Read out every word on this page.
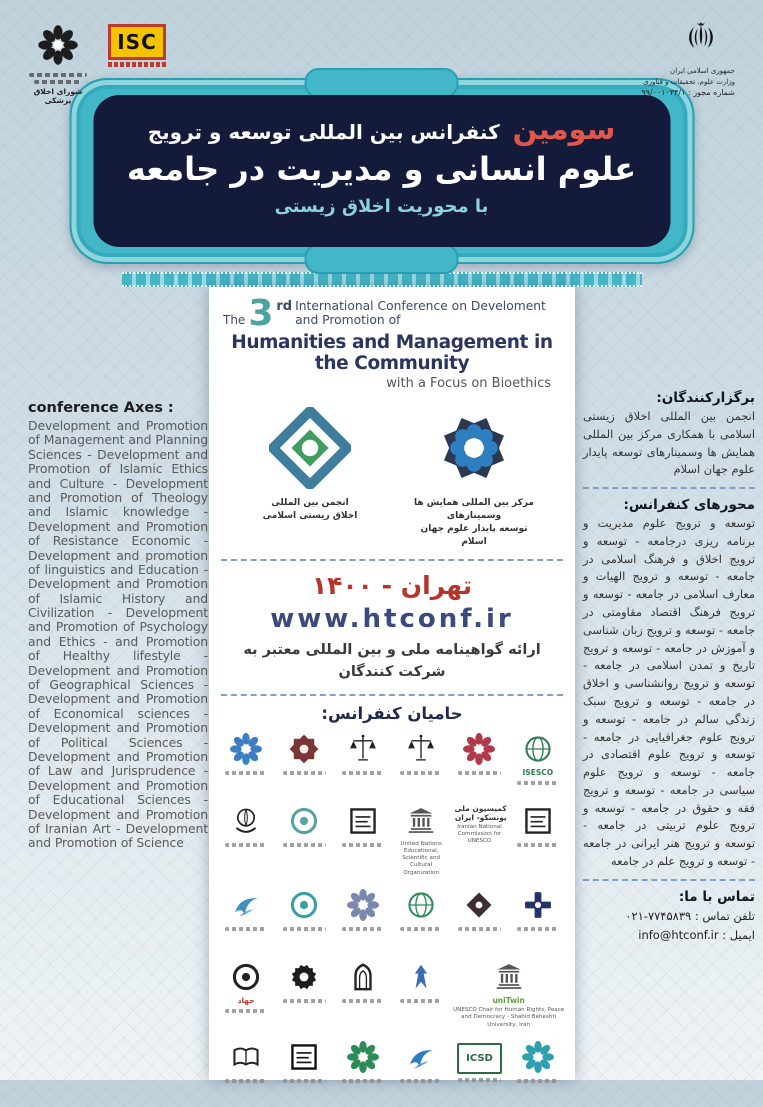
شورای اخلاق پزشکی
ISC
جمهوری اسلامی ایران
وزارت علوم، تحقیقات و فناوری
شماره مجوز : ۹۹/۰۰۱۰۳۴/۱
سومین کنفرانس بین المللی توسعه و ترویج
علوم انسانی و مدیریت در جامعه
با محوریت اخلاق زیستی
conference Axes :
Development and Promotion of Management and Planning Sciences - Development and Promotion of Islamic Ethics and Culture - Development and Promotion of Theology and Islamic knowledge - Development and Promotion of Resistance Economic - Development and promotion of linguistics and Education - Development and Promotion of Islamic History and Civilization - Development and Promotion of Psychology and Ethics - and Promotion of Healthy lifestyle - Development and Promotion of Geographical Sciences - Development and Promotion of Economical sciences - Development and Promotion of Political Sciences - Development and Promotion of Law and Jurisprudence - Development and Promotion of Educational Sciences - Development and Promotion of Iranian Art - Development and Promotion of Science
برگزارکنندگان:
انجمن بین المللی اخلاق زیستی اسلامی با همکاری مرکز بین المللی همایش ها وسمینارهای توسعه پایدار علوم جهان اسلام
محورهای کنفرانس:
توسعه و ترویج علوم مدیریت و برنامه ریزی درجامعه - توسعه و ترویج اخلاق و فرهنگ اسلامی در جامعه - توسعه و ترویج الهیات و معارف اسلامی در جامعه - توسعه و ترویج فرهنگ اقتصاد مقاومتی در جامعه - توسعه و ترویج زبان شناسی و آموزش در جامعه - توسعه و ترویج تاریخ و تمدن اسلامی در جامعه - توسعه و ترویج روانشناسی و اخلاق در جامعه - توسعه و ترویج سبک زندگی سالم در جامعه - توسعه و ترویج علوم جغرافیایی در جامعه - توسعه و ترویج علوم اقتصادی در جامعه - توسعه و ترویج علوم سیاسی در جامعه - توسعه و ترویج فقه و حقوق در جامعه - توسعه و ترویج علوم تربیتی در جامعه - توسعه و ترویج هنر ایرانی در جامعه - توسعه و ترویج علم در جامعه
تماس با ما:
تلفن تماس : ۰۲۱-۷۷۴۵۸۳۹
ایمیل : info@htconf.ir
The 3 rd International Conference on Develoment and Promotion of
Humanities and Management in the Community
with a Focus on Bioethics
انجمن بین المللی
اخلاق زیستی اسلامی
مرکز بین المللی همایش ها وسمینارهای
توسعه پایدار علوم جهان اسلام
تهران - ۱۴۰۰
www.htconf.ir
ارائه گواهینامه ملی و بین المللی معتبر به
شرکت کنندگان
حامیان کنفرانس:
ISESCO
United Nations Educational, Scientific and Cultural Organization
کمیسیون ملی یونسکو- ایران
Iranian National Commission for UNESCO
جهاد	uniTwin
UNESCO Chair for Human Rights, Peace and Democracy - Shahid Beheshti University, Iran
ICSD
